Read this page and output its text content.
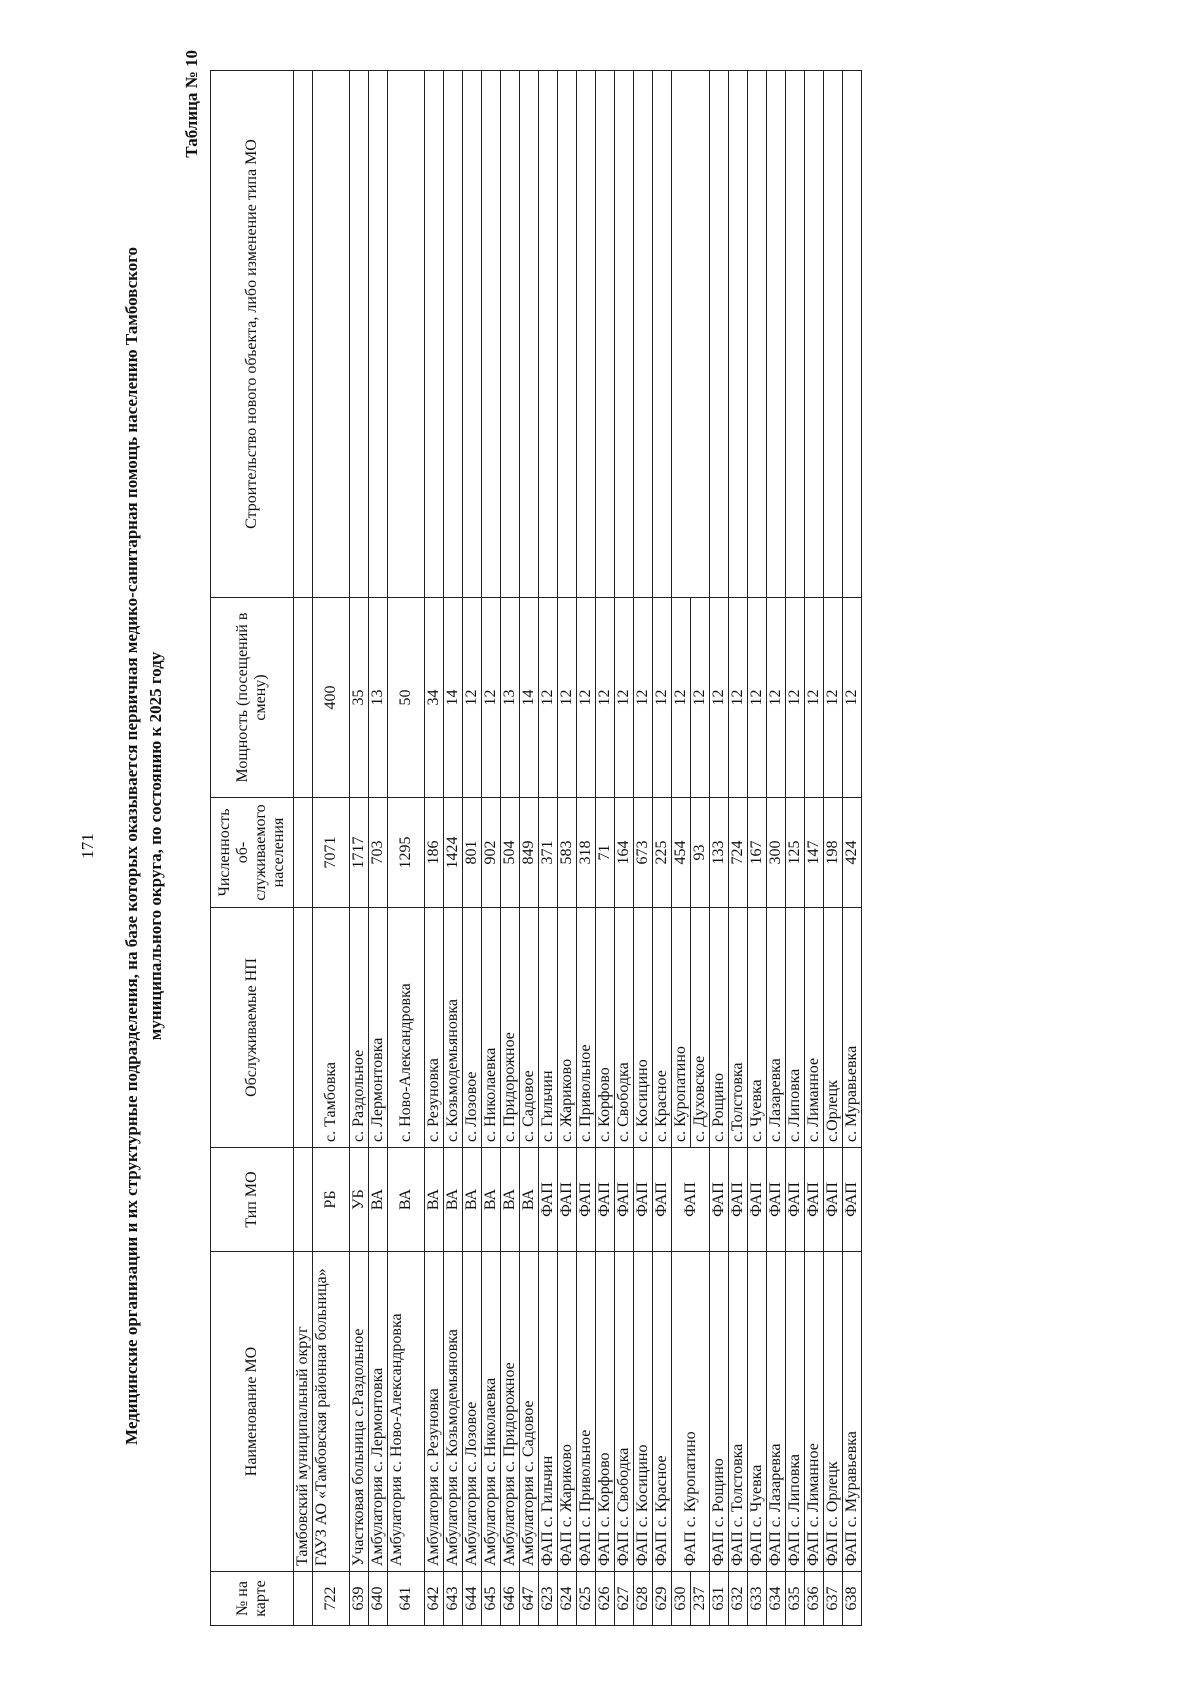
171 Медицинские организации и их структурные подразделения, на базе которых оказывается первичная медико-санитарная помощь населению Тамбовского муниципального округа, по состоянию к 2025 году
Таблица № 10
№ на карте	Наименование МО	Тип МО	Обслуживаемые НП	Численность об-служиваемого населения	Мощность (посещений в смену)	Строительство нового объекта, либо изменение типа МО
	Тамбовский муниципальный округ					
722	ГАУЗ АО «Тамбовская районная больница»	РБ	с. Тамбовка	7071	400	
639	Участковая больница с.Раздольное	УБ	с. Раздольное	1717	35	
640	Амбулатория с. Лермонтовка	ВА	с. Лермонтовка	703	13	
641	Амбулатория с. Ново-Александровка	ВА	с. Ново-Александровка	1295	50	
642	Амбулатория с. Резуновка	ВА	с. Резуновка	186	34	
643	Амбулатория с. Козьмодемьяновка	ВА	с. Козьмодемьяновка	1424	14	
644	Амбулатория с. Лозовое	ВА	с. Лозовое	801	12	
645	Амбулатория с. Николаевка	ВА	с. Николаевка	902	12	
646	Амбулатория с. Придорожное	ВА	с. Придорожное	504	13	
647	Амбулатория с. Садовое	ВА	с. Садовое	849	14	
623	ФАП с. Гильчин	ФАП	с. Гильчин	371	12	
624	ФАП с. Жариково	ФАП	с. Жариково	583	12	
625	ФАП с. Привольное	ФАП	с. Привольное	318	12	
626	ФАП с. Корфово	ФАП	с. Корфово	71	12	
627	ФАП с. Свободка	ФАП	с. Свободка	164	12	
628	ФАП с. Косицино	ФАП	с. Косицино	673	12	
629	ФАП с. Красное	ФАП	с. Красное	225	12	
630	ФАП с. Куропатино	ФАП	с. Куропатино	454	12	
237			с. Духовское	93	12	
631	ФАП с. Рощино	ФАП	с. Рощино	133	12	
632	ФАП с. Толстовка	ФАП	с.Толстовка	724	12	
633	ФАП с. Чуевка	ФАП	с. Чуевка	167	12	
634	ФАП с. Лазаревка	ФАП	с. Лазаревка	300	12	
635	ФАП с. Липовка	ФАП	с. Липовка	125	12	
636	ФАП с. Лиманное	ФАП	с. Лиманное	147	12	
637	ФАП с. Орлецк	ФАП	с.Орлецк	198	12	
638	ФАП с. Муравьевка	ФАП	с. Муравьевка	424	12	
